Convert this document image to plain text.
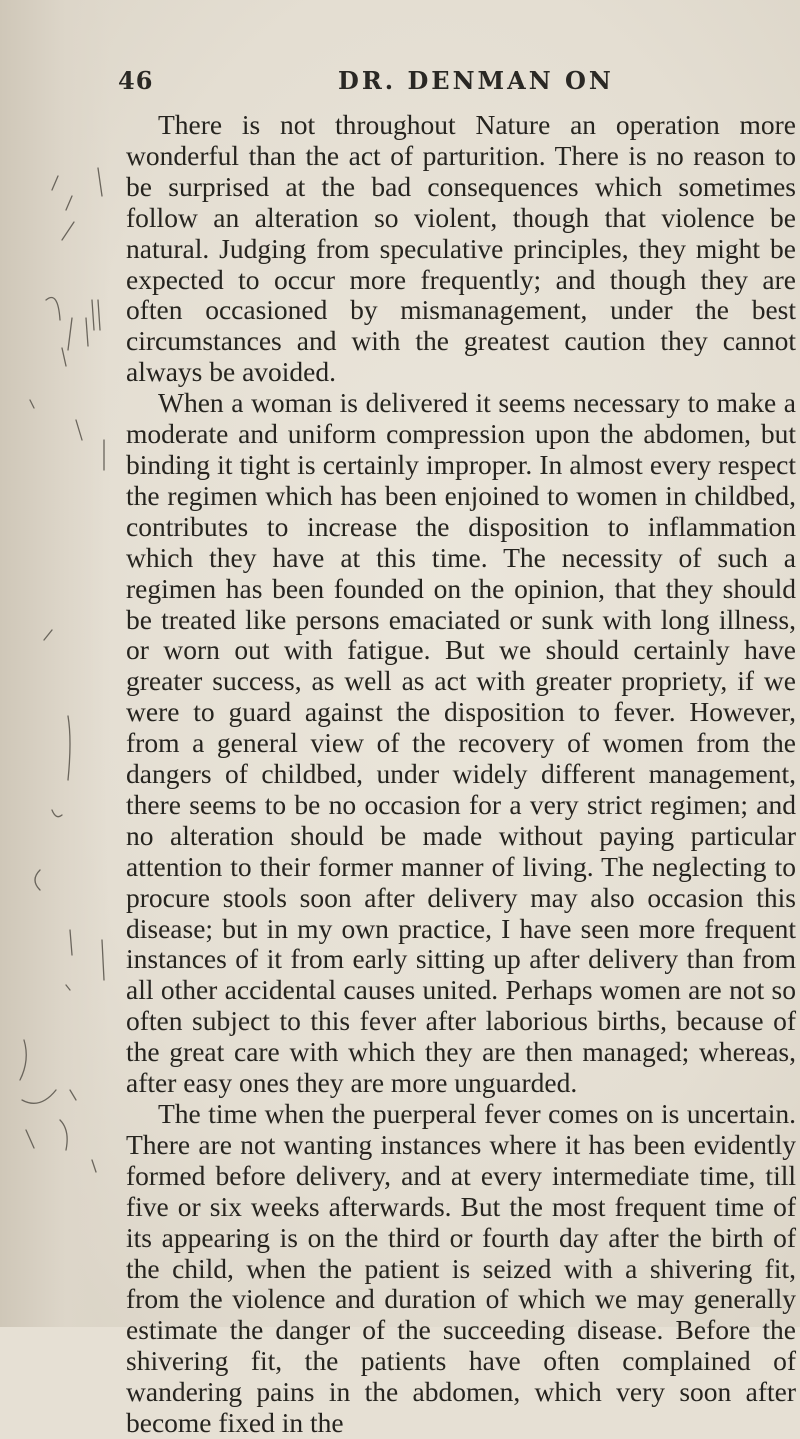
46	DR. DENMAN ON

There is not throughout Nature an operation more wonderful than the act of parturition. There is no reason to be surprised at the bad consequences which sometimes follow an alteration so violent, though that violence be natural. Judging from speculative principles, they might be expected to occur more frequently; and though they are often occasioned by mismanagement, under the best circumstances and with the greatest caution they cannot always be avoided.

When a woman is delivered it seems necessary to make a moderate and uniform compression upon the abdomen, but binding it tight is certainly improper. In almost every respect the regimen which has been enjoined to women in childbed, contributes to increase the disposition to inflammation which they have at this time. The necessity of such a regimen has been founded on the opinion, that they should be treated like persons emaciated or sunk with long illness, or worn out with fatigue. But we should certainly have greater success, as well as act with greater propriety, if we were to guard against the disposition to fever. However, from a general view of the recovery of women from the dangers of childbed, under widely different management, there seems to be no occasion for a very strict regimen; and no alteration should be made without paying particular attention to their former manner of living. The neglecting to procure stools soon after delivery may also occasion this disease; but in my own practice, I have seen more frequent instances of it from early sitting up after delivery than from all other accidental causes united. Perhaps women are not so often subject to this fever after laborious births, because of the great care with which they are then managed; whereas, after easy ones they are more unguarded.

The time when the puerperal fever comes on is uncertain. There are not wanting instances where it has been evidently formed before delivery, and at every intermediate time, till five or six weeks afterwards. But the most frequent time of its appearing is on the third or fourth day after the birth of the child, when the patient is seized with a shivering fit, from the violence and duration of which we may generally estimate the danger of the succeeding disease. Before the shivering fit, the patients have often complained of wandering pains in the abdomen, which very soon after become fixed in the
